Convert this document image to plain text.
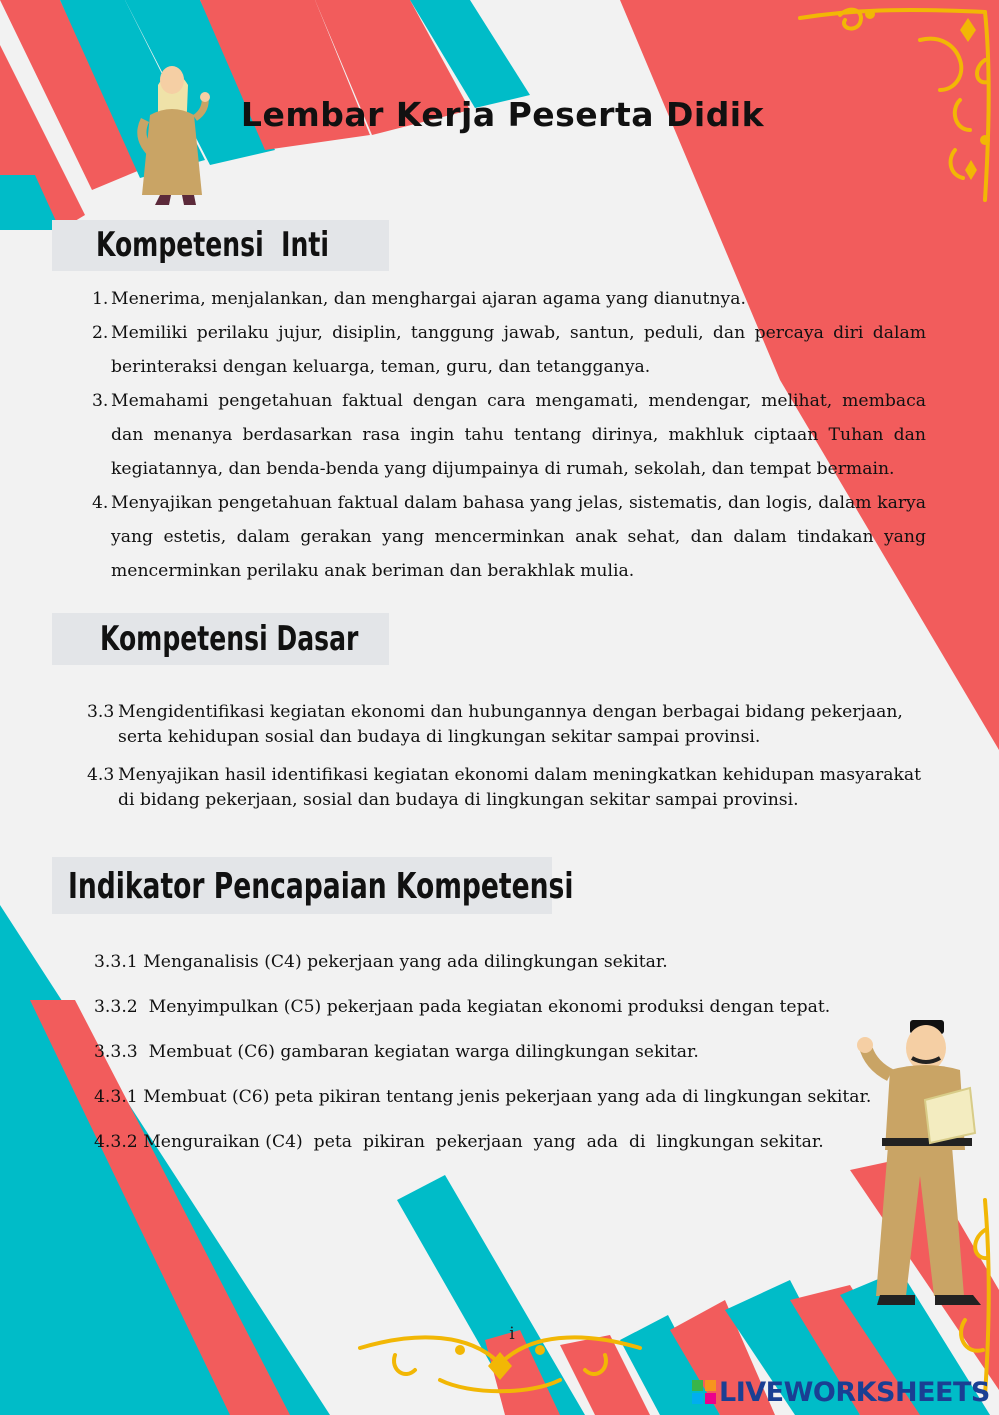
Lembar Kerja Peserta Didik
Kompetensi  Inti
1. Menerima, menjalankan, dan menghargai ajaran agama yang dianutnya.
2. Memiliki perilaku jujur, disiplin, tanggung jawab, santun, peduli, dan percaya diri dalam berinteraksi dengan keluarga, teman, guru, dan tetangganya.
3. Memahami pengetahuan faktual dengan cara mengamati, mendengar, melihat, membaca dan menanya berdasarkan rasa ingin tahu tentang dirinya, makhluk ciptaan Tuhan dan kegiatannya, dan benda-benda yang dijumpainya di rumah, sekolah, dan tempat bermain.
4. Menyajikan pengetahuan faktual dalam bahasa yang jelas, sistematis, dan logis, dalam karya yang estetis, dalam gerakan yang mencerminkan anak sehat, dan dalam tindakan yang mencerminkan perilaku anak beriman dan berakhlak mulia.
Kompetensi Dasar
3.3 Mengidentifikasi kegiatan ekonomi dan hubungannya dengan berbagai bidang pekerjaan, serta kehidupan sosial dan budaya di lingkungan sekitar sampai provinsi.
4.3 Menyajikan hasil identifikasi kegiatan ekonomi dalam meningkatkan kehidupan masyarakat di bidang pekerjaan, sosial dan budaya di lingkungan sekitar sampai provinsi.
Indikator Pencapaian Kompetensi
3.3.1 Menganalisis (C4) pekerjaan yang ada dilingkungan sekitar.
3.3.2  Menyimpulkan (C5) pekerjaan pada kegiatan ekonomi produksi dengan tepat.
3.3.3  Membuat (C6) gambaran kegiatan warga dilingkungan sekitar.
4.3.1 Membuat (C6) peta pikiran tentang jenis pekerjaan yang ada di lingkungan sekitar.
4.3.2 Menguraikan (C4)  peta  pikiran  pekerjaan  yang  ada  di  lingkungan sekitar.
i
LIVEWORKSHEETS
